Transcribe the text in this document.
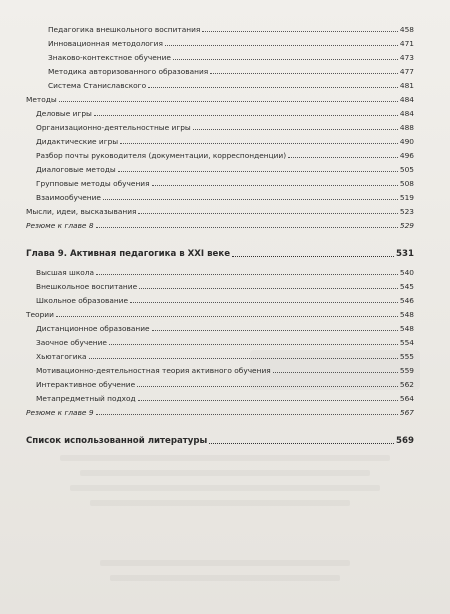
Педагогика внешкольного воспитания	458
Инновационная методология	471
Знаково-контекстное обучение	473
Методика авторизованного образования	477
Система Станиславского	481
Методы	484
Деловые игры	484
Организационно-деятельностные игры	488
Дидактические игры	490
Разбор почты руководителя (документации, корреспонденции)	496
Диалоговые методы	505
Групповые методы обучения	508
Взаимообучение	519
Мысли, идеи, высказывания	523
Резюме к главе 8	529
Глава 9. Активная педагогика в XXI веке	531
Высшая школа	540
Внешкольное воспитание	545
Школьное образование	546
Теории	548
Дистанционное образование	548
Заочное обучение	554
Хьютагогика	555
Мотивационно-деятельностная теория активного обучения	559
Интерактивное обучение	562
Метапредметный подход	564
Резюме к главе 9	567
Список использованной литературы	569
